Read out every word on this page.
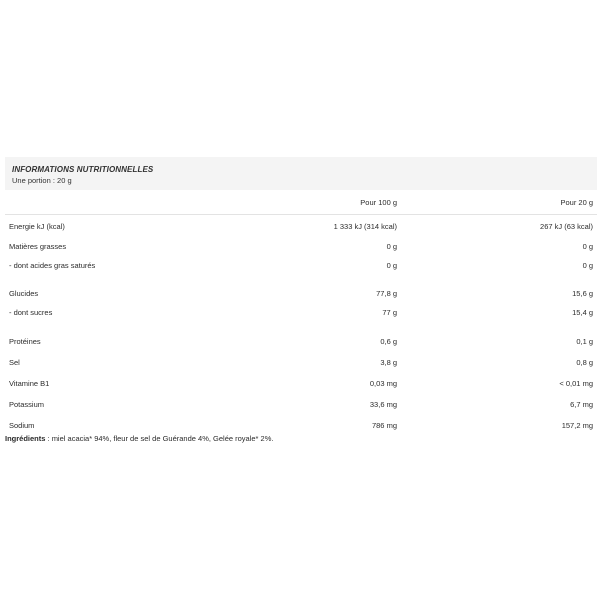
INFORMATIONS NUTRITIONNELLES
Une portion : 20 g
	Pour 100 g	Pour 20 g
Energie kJ (kcal)	1 333 kJ (314 kcal)	267 kJ (63 kcal)
Matières grasses	0 g	0 g
- dont acides gras saturés	0 g	0 g

Glucides	77,8 g	15,6 g
- dont sucres	77 g	15,4 g

Protéines	0,6 g	0,1 g
Sel	3,8 g	0,8 g
Vitamine B1	0,03 mg	< 0,01 mg
Potassium	33,6 mg	6,7 mg
Sodium	786 mg	157,2 mg
Ingrédients : miel acacia* 94%, fleur de sel de Guérande 4%, Gelée royale* 2%.
